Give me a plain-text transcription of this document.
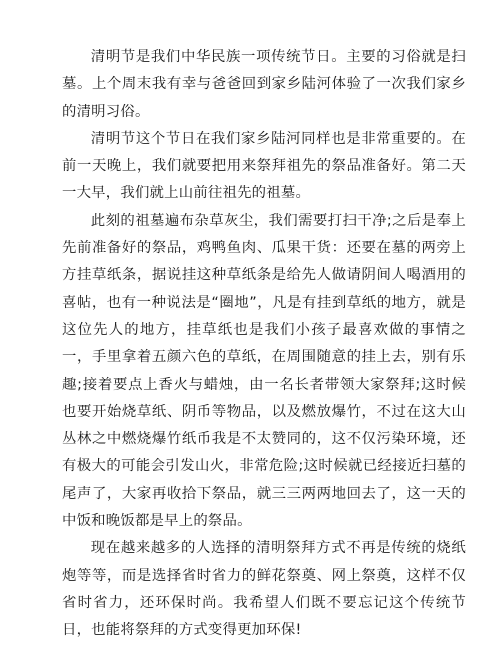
清明节是我们中华民族一项传统节日。主要的习俗就是扫墓。上个周末我有幸与爸爸回到家乡陆河体验了一次我们家乡的清明习俗。

清明节这个节日在我们家乡陆河同样也是非常重要的。在前一天晚上，我们就要把用来祭拜祖先的祭品准备好。第二天一大早，我们就上山前往祖先的祖墓。

此刻的祖墓遍布杂草灰尘，我们需要打扫干净;之后是奉上先前准备好的祭品，鸡鸭鱼肉、瓜果干货：还要在墓的两旁上方挂草纸条，据说挂这种草纸条是给先人做请阴间人喝酒用的喜帖，也有一种说法是“圈地”，凡是有挂到草纸的地方，就是这位先人的地方，挂草纸也是我们小孩子最喜欢做的事情之一，手里拿着五颜六色的草纸，在周围随意的挂上去，别有乐趣;接着要点上香火与蜡烛，由一名长者带领大家祭拜;这时候也要开始烧草纸、阴币等物品，以及燃放爆竹，不过在这大山丛林之中燃烧爆竹纸币我是不太赞同的，这不仅污染环境，还有极大的可能会引发山火，非常危险;这时候就已经接近扫墓的尾声了，大家再收拾下祭品，就三三两两地回去了，这一天的中饭和晚饭都是早上的祭品。

现在越来越多的人选择的清明祭拜方式不再是传统的烧纸炮等等，而是选择省时省力的鲜花祭奠、网上祭奠，这样不仅省时省力，还环保时尚。我希望人们既不要忘记这个传统节日，也能将祭拜的方式变得更加环保!
